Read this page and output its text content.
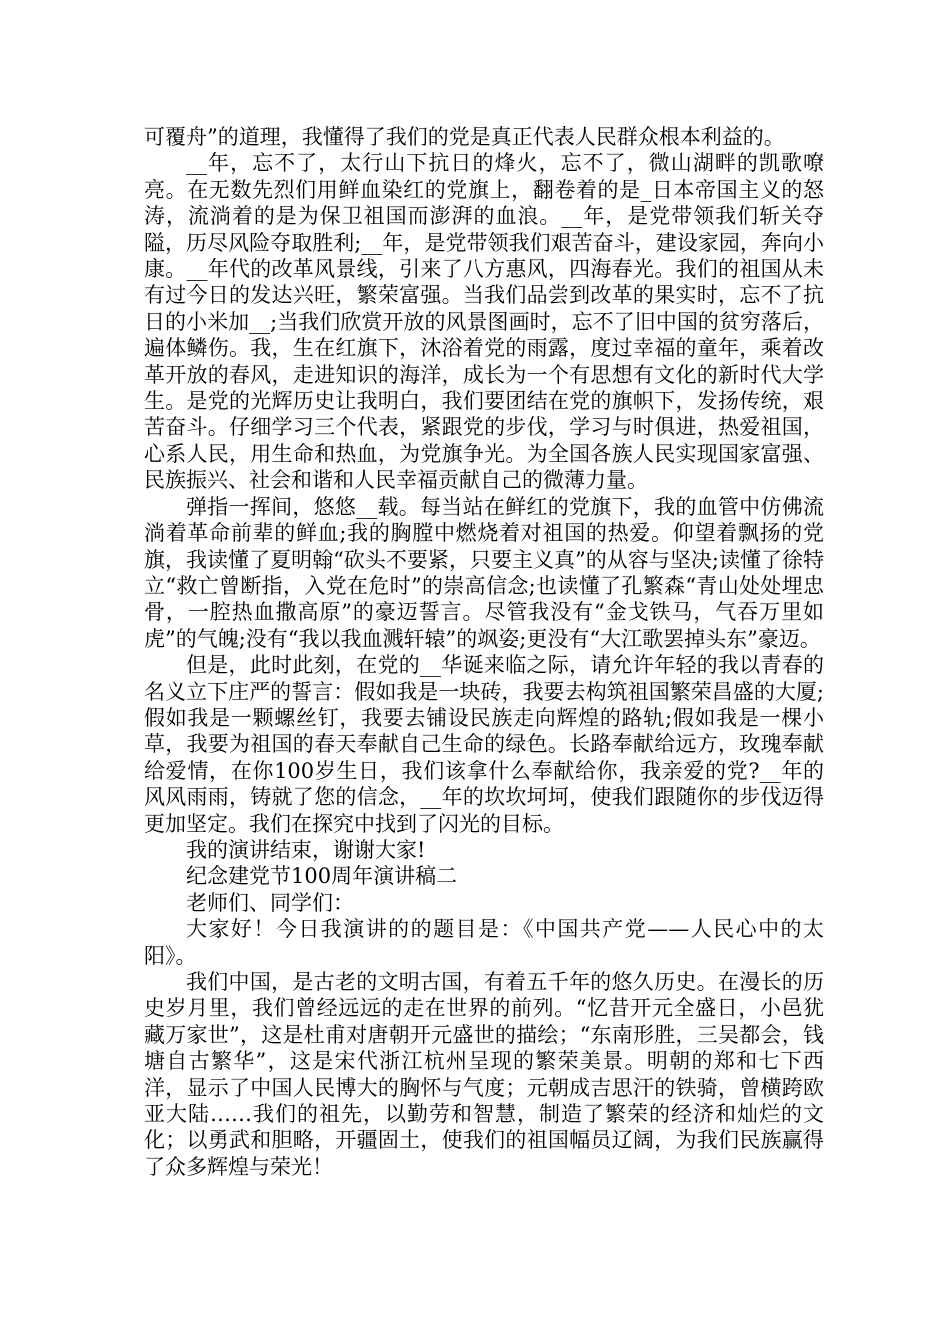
可覆舟”的道理，我懂得了我们的党是真正代表人民群众根本利益的。

__年，忘不了，太行山下抗日的烽火，忘不了，微山湖畔的凯歌嘹亮。在无数先烈们用鲜血染红的党旗上，翻卷着的是_日本帝国主义的怒涛，流淌着的是为保卫祖国而澎湃的血浪。__年，是党带领我们斩关夺隘，历尽风险夺取胜利;__年，是党带领我们艰苦奋斗，建设家园，奔向小康。__年代的改革风景线，引来了八方惠风，四海春光。我们的祖国从未有过今日的发达兴旺，繁荣富强。当我们品尝到改革的果实时，忘不了抗日的小米加__;当我们欣赏开放的风景图画时，忘不了旧中国的贫穷落后，遍体鳞伤。我，生在红旗下，沐浴着党的雨露，度过幸福的童年，乘着改革开放的春风，走进知识的海洋，成长为一个有思想有文化的新时代大学生。是党的光辉历史让我明白，我们要团结在党的旗帜下，发扬传统，艰苦奋斗。仔细学习三个代表，紧跟党的步伐，学习与时俱进，热爱祖国，心系人民，用生命和热血，为党旗争光。为全国各族人民实现国家富强、民族振兴、社会和谐和人民幸福贡献自己的微薄力量。

弹指一挥间，悠悠__载。每当站在鲜红的党旗下，我的血管中仿佛流淌着革命前辈的鲜血;我的胸膛中燃烧着对祖国的热爱。仰望着飘扬的党旗，我读懂了夏明翰“砍头不要紧，只要主义真”的从容与坚决;读懂了徐特立“救亡曾断指，入党在危时”的崇高信念;也读懂了孔繁森“青山处处埋忠骨，一腔热血撒高原”的豪迈誓言。尽管我没有“金戈铁马，气吞万里如虎”的气魄;没有“我以我血溅轩辕”的飒姿;更没有“大江歌罢掉头东”豪迈。

但是，此时此刻，在党的__华诞来临之际，请允许年轻的我以青春的名义立下庄严的誓言：假如我是一块砖，我要去构筑祖国繁荣昌盛的大厦;假如我是一颗螺丝钉，我要去铺设民族走向辉煌的路轨;假如我是一棵小草，我要为祖国的春天奉献自己生命的绿色。长路奉献给远方，玫瑰奉献给爱情，在你100岁生日，我们该拿什么奉献给你，我亲爱的党?__年的风风雨雨，铸就了您的信念，__年的坎坎坷坷，使我们跟随你的步伐迈得更加坚定。我们在探究中找到了闪光的目标。

我的演讲结束，谢谢大家!

纪念建党节100周年演讲稿二

老师们、同学们：

大家好！今日我演讲的的题目是：《中国共产党——人民心中的太阳》。

我们中国，是古老的文明古国，有着五千年的悠久历史。在漫长的历史岁月里，我们曾经远远的走在世界的前列。“忆昔开元全盛日，小邑犹藏万家世”，这是杜甫对唐朝开元盛世的描绘；“东南形胜，三吴都会，钱塘自古繁华”，这是宋代浙江杭州呈现的繁荣美景。明朝的郑和七下西洋，显示了中国人民博大的胸怀与气度；元朝成吉思汗的铁骑，曾横跨欧亚大陆……我们的祖先，以勤劳和智慧，制造了繁荣的经济和灿烂的文化；以勇武和胆略，开疆固土，使我们的祖国幅员辽阔，为我们民族赢得了众多辉煌与荣光！
